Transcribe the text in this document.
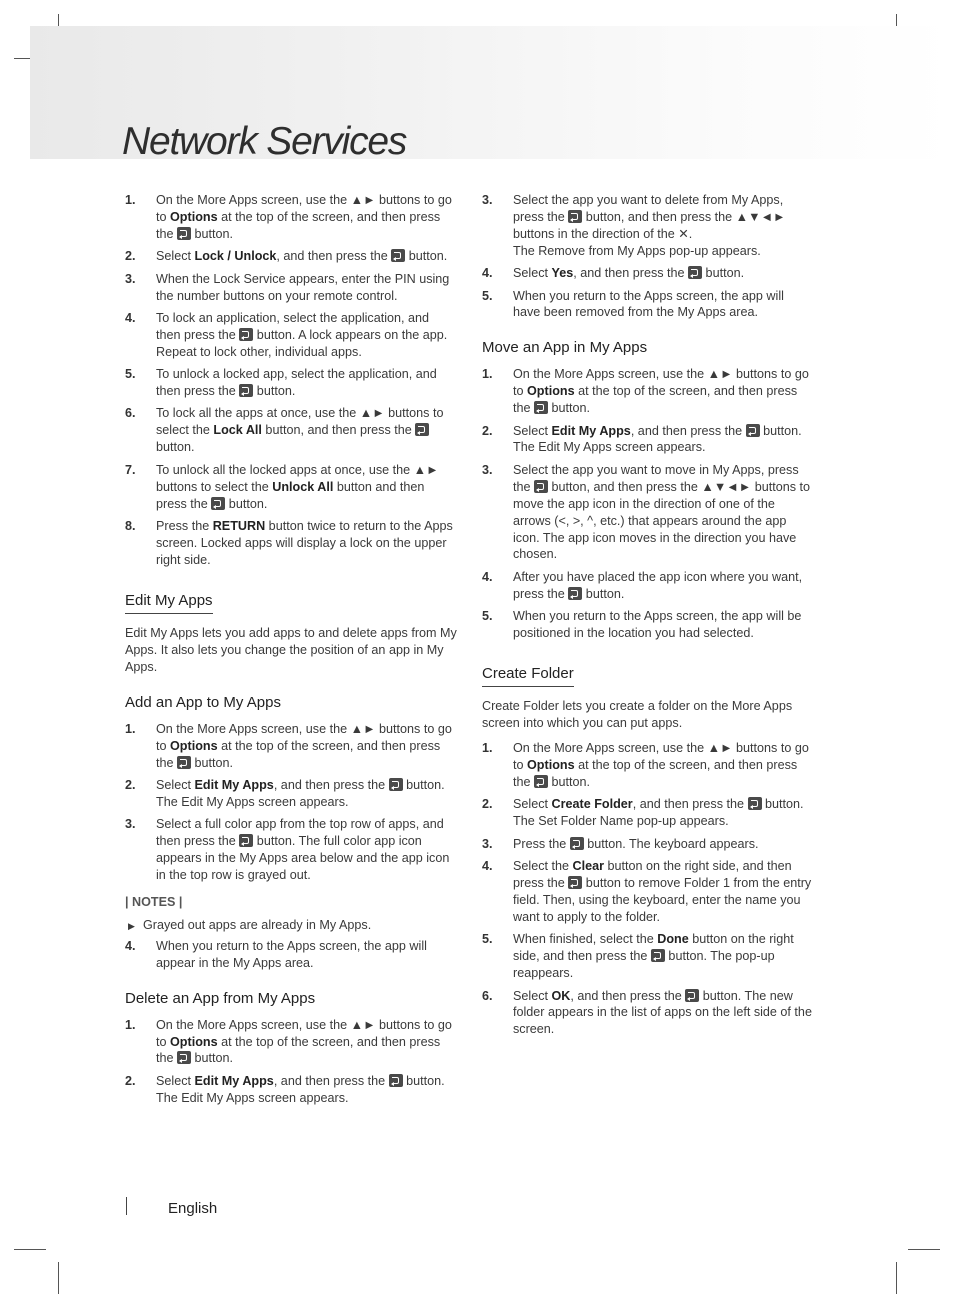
Network Services
1. On the More Apps screen, use the ▲► buttons to go to Options at the top of the screen, and then press the  button.
2. Select Lock / Unlock, and then press the  button.
3. When the Lock Service appears, enter the PIN using the number buttons on your remote control.
4. To lock an application, select the application, and then press the  button. A lock appears on the app. Repeat to lock other, individual apps.
5. To unlock a locked app, select the application, and then press the  button.
6. To lock all the apps at once, use the ▲► buttons to select the Lock All button, and then press the  button.
7. To unlock all the locked apps at once, use the ▲► buttons to select the Unlock All button and then press the  button.
8. Press the RETURN button twice to return to the Apps screen. Locked apps will display a lock on the upper right side.
Edit My Apps

Edit My Apps lets you add apps to and delete apps from My Apps. It also lets you change the position of an app in My Apps.

Add an App to My Apps
1. On the More Apps screen, use the ▲► buttons to go to Options at the top of the screen, and then press the  button.
2. Select Edit My Apps, and then press the  button. The Edit My Apps screen appears.
3. Select a full color app from the top row of apps, and then press the  button. The full color app icon appears in the My Apps area below and the app icon in the top row is grayed out.
| NOTES |
▶ Grayed out apps are already in My Apps.
4. When you return to the Apps screen, the app will appear in the My Apps area.
Delete an App from My Apps
1. On the More Apps screen, use the ▲► buttons to go to Options at the top of the screen, and then press the  button.
2. Select Edit My Apps, and then press the  button. The Edit My Apps screen appears.
3. Select the app you want to delete from My Apps, press the  button, and then press the ▲▼◄► buttons in the direction of the ✕.
The Remove from My Apps pop-up appears.
4. Select Yes, and then press the  button.
5. When you return to the Apps screen, the app will have been removed from the My Apps area.
Move an App in My Apps
1. On the More Apps screen, use the ▲► buttons to go to Options at the top of the screen, and then press the  button.
2. Select Edit My Apps, and then press the  button. The Edit My Apps screen appears.
3. Select the app you want to move in My Apps, press the  button, and then press the ▲▼◄► buttons to move the app icon in the direction of one of the arrows (<, >, ^, etc.) that appears around the app icon. The app icon moves in the direction you have chosen.
4. After you have placed the app icon where you want, press the  button.
5. When you return to the Apps screen, the app will be positioned in the location you had selected.
Create Folder

Create Folder lets you create a folder on the More Apps screen into which you can put apps.

1. On the More Apps screen, use the ▲► buttons to go to Options at the top of the screen, and then press the  button.
2. Select Create Folder, and then press the  button. The Set Folder Name pop-up appears.
3. Press the  button. The keyboard appears.
4. Select the Clear button on the right side, and then press the  button to remove Folder 1 from the entry field. Then, using the keyboard, enter the name you want to apply to the folder.
5. When finished, select the Done button on the right side, and then press the  button. The pop-up reappears.
6. Select OK, and then press the  button. The new folder appears in the list of apps on the left side of the screen.
English
